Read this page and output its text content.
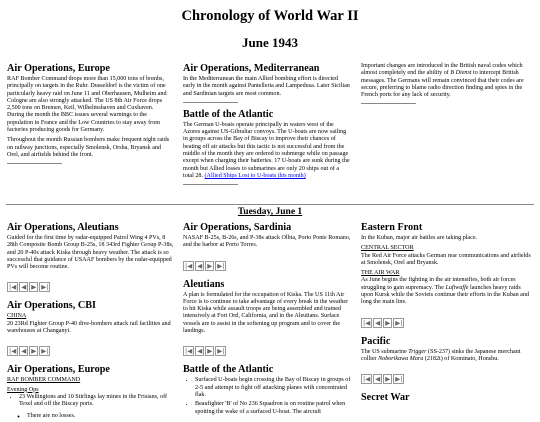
Chronology of World War II
June 1943
Air Operations, Europe

RAF Bomber Command drops more than 15,000 tons of bombs, principally on targets in the Ruhr. Dusseldorf is the victim of one particularly heavy raid on June 11 and Oberhausen, Mulheim and Cologne are also strongly attacked. The US 8th Air Force drops 2,500 tons on Bremen, Keil, Wilhelmshaven and Cuxhaven. During the month the BBC issues several warnings to the population in France and the Low Countries to stay away from factories producing goods for Germany.

Throughout the month Russian bombers make frequent night raids on railway junctions, especially Smolensk, Orsha, Bryansk and Orel, and airfields behind the front.

Air Operations, Mediterranean

In the Mediterranean the main Allied bombing effort is directed early in the month against Pantelleria and Lampedusa. Later Sicilian and Sardinian targets are most common.

Battle of the Atlantic

The German U-boats operate principally in waters west of the Azores against US-Gibraltar convoys. The U-boats are now sailing in groups across the Bay of Biscay to improve their chances of beating off air attacks but this tactic is not successful and from the middle of the month they are ordered to submerge while on passage except when charging their batteries. 17 U-boats are sunk during the month but Allied losses to submarines are only 20 ships out of a total 28. (Allied Ships Lost to U-boats this month)

Important changes are introduced in the British naval codes which almost completely end the ability of B Dienst to intercept British messages. The Germans will remain convinced that their codes are secure, preferring to blame radio direction finding and spies in the French ports for any lack of security.

Tuesday, June 1
Air Operations, Aleutians

Guided for the first time by radar-equipped Patrol Wing 4 PVs, 8 28th Composite Bomb Group B-25s, 18 343rd Fighter Group P-38s, and 20 P-40s attack Kiska through heavy weather. The attack is so successful that guidance of USAAF bombers by the radar-equipped PVs will become routine.

|◀ ◀ ▶ ▶|
Air Operations, CBI
CHINA

20 23Rd Fighter Group P-40 dive-bombers attack rail facilities and warehouses at Changanyi.

|◀ ◀ ▶ ▶|
Air Operations, Europe
RAF BOMBER COMMAND
Evening Ops
• 23 Wellingtons and 10 Stirlings lay mines in the Frisians, off Texel and off the Biscay ports.
◦ There are no losses.
Air Operations, Sardinia

NASAF B-25s, B-26s, and P-38s attack Olbia, Porto Ponte Romano, and the harbor at Porto Torres.

|◀ ◀ ▶ ▶|
Aleutians

A plan is formulated for the occupation of Kiska. The US 11th Air Force is to continue to take advantage of every break in the weather to hit Kiska while assault troops are being assembled and trained intensively at Fort Ord, California, and in the Aleutians. Surface vessels are to assist in the softening up program and to cover the landings.

|◀ ◀ ▶ ▶|
Battle of the Atlantic
• Surfaced U-boats begin crossing the Bay of Biscay in groups of 2-5 and attempt to fight off attacking planes with concentrated flak.
• Beaufighter 'B' of No 236 Squadron is on routine patrol when spotting the wake of a surfaced U-boat. The aircraft
Eastern Front

In the Kuban, major air battles are taking place.

CENTRAL SECTOR

The Red Air Force attacks German rear communications and airfields at Smolensk, Orel and Bryansk.

THE AIR WAR

As June begins the fighting in the air intensifies, both air forces struggling to gain supremacy. The Luftwaffe launches heavy raids upon Kursk while the Soviets continue their efforts in the Kuban and long the main line.

|◀ ◀ ▶ ▶|
Pacific

The US submarine Trigger (SS-237) sinks the Japanese merchant collier Noborikawa Maru (2182t) of Kominato, Honshu.

|◀ ◀ ▶ ▶|
Secret War
